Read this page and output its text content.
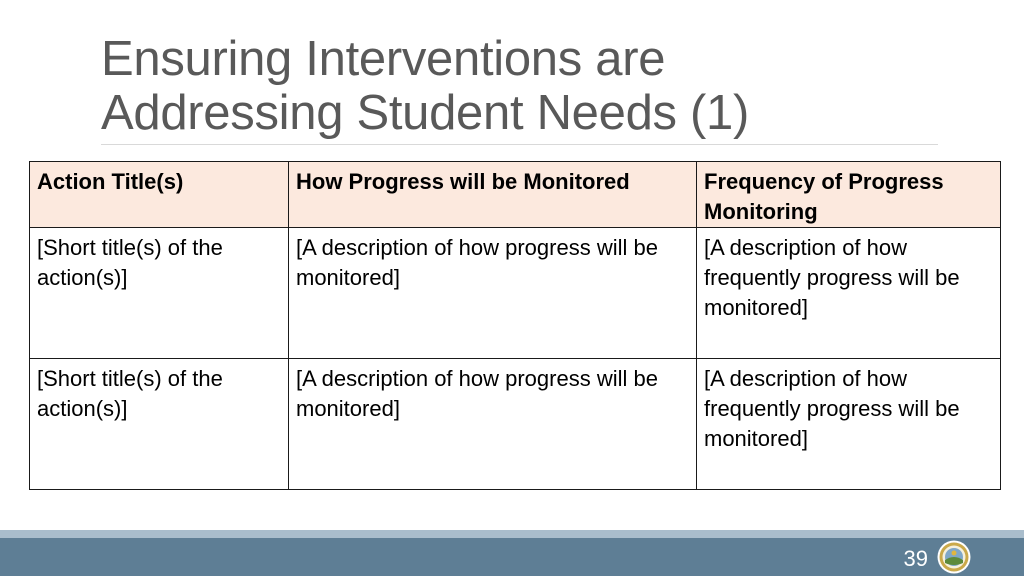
Ensuring Interventions are
Addressing Student Needs (1)
Action Title(s)	How Progress will be Monitored	Frequency of Progress Monitoring
[Short title(s) of the action(s)]	[A description of how progress will be monitored]	[A description of how frequently progress will be monitored]
[Short title(s) of the action(s)]	[A description of how progress will be monitored]	[A description of how frequently progress will be monitored]
39
